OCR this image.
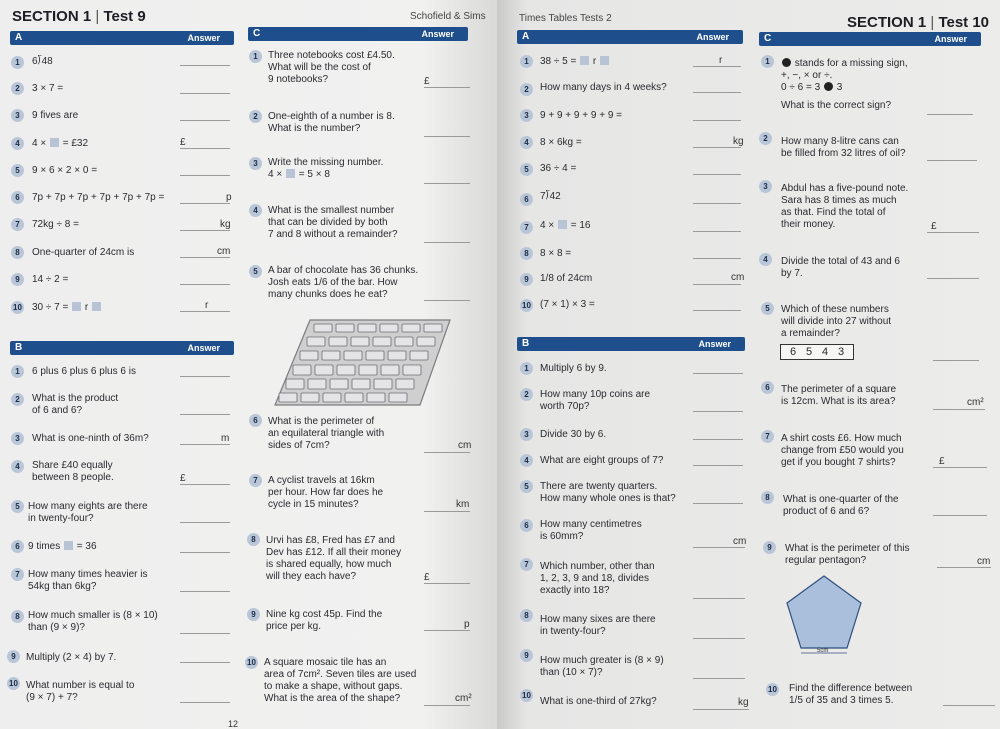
SECTION 1 | Test 9	Schofield & Sims
A	Answer	C	Answer
1	6⟌48
2	3 × 7 =
3	9 fives are
4	4 × = £32	£
5	9 × 6 × 2 × 0 =
6	7p + 7p + 7p + 7p + 7p + 7p =	p
7	72kg ÷ 8 =	kg
8	One-quarter of 24cm is	cm
9	14 ÷ 2 =
10 30 ÷ 7 = r	r
B	Answer
1	6 plus 6 plus 6 plus 6 is
2	What is the product
of 6 and 6?
3	What is one-ninth of 36m?	m
4	Share £40 equally
between 8 people.	£
5 How many eights are there
in twenty-four?
6 9 times = 36
7 How many times heavier is
54kg than 6kg?
8 How much smaller is (8 × 10)
than (9 × 9)?
9	Multiply (2 × 4) by 7.
10 What number is equal to
(9 × 7) + 7?
1	Three notebooks cost £4.50.
What will be the cost of
9 notebooks?	£
2	One-eighth of a number is 8.
What is the number?
3	Write the missing number.
4 × = 5 × 8
4	What is the smallest number
that can be divided by both
7 and 8 without a remainder?
5	A bar of chocolate has 36 chunks.
Josh eats 1/6 of the bar. How
many chunks does he eat?
6	What is the perimeter of
an equilateral triangle with
sides of 7cm?	cm
7	A cyclist travels at 16km
per hour. How far does he
cycle in 15 minutes?	km
8	Urvi has £8, Fred has £7 and
Dev has £12. If all their money
is shared equally, how much
will they each have?	£
9	Nine kg cost 45p. Find the
price per kg.	p
10 A square mosaic tile has an
area of 7cm². Seven tiles are used
to make a shape, without gaps.
What is the area of the shape?	cm²
12
Times Tables Tests 2	SECTION 1 | Test 10
A	Answer	C	Answer
1	38 ÷ 5 = r	r
2	How many days in 4 weeks?
3	9 + 9 + 9 + 9 + 9 =
4	8 × 6kg =	kg
5	36 ÷ 4 =
6	7⟌42
7	4 × = 16
8	8 × 8 =
9	1/8 of 24cm	cm
10 (7 × 1) × 3 =
B	Answer
1	Multiply 6 by 9.
2	How many 10p coins are
worth 70p?
3	Divide 30 by 6.
4	What are eight groups of 7?
5	There are twenty quarters.
How many whole ones is that?
6	How many centimetres
is 60mm?	cm
7	Which number, other than
1, 2, 3, 9 and 18, divides
exactly into 18?
8	How many sixes are there
in twenty-four?
9	How much greater is (8 × 9)
than (10 × 7)?
10
What is one-third of 27kg?	kg
1	stands for a missing sign,
+, −, × or ÷.
0 ÷ 6 = 3 3
What is the correct sign?
2	How many 8-litre cans can
be filled from 32 litres of oil?
3	Abdul has a five-pound note.
Sara has 8 times as much
as that. Find the total of
their money.	£
4	Divide the total of 43 and 6
by 7.
5	Which of these numbers
will divide into 27 without
a remainder?
6 5 4 3
6	The perimeter of a square
is 12cm. What is its area?	cm²
7	A shirt costs £6. How much
change from £50 would you
get if you bought 7 shirts?	£
8	What is one-quarter of the
product of 6 and 6?
9	What is the perimeter of this
regular pentagon?	cm
5cm
10 Find the difference between
1/5 of 35 and 3 times 5.
